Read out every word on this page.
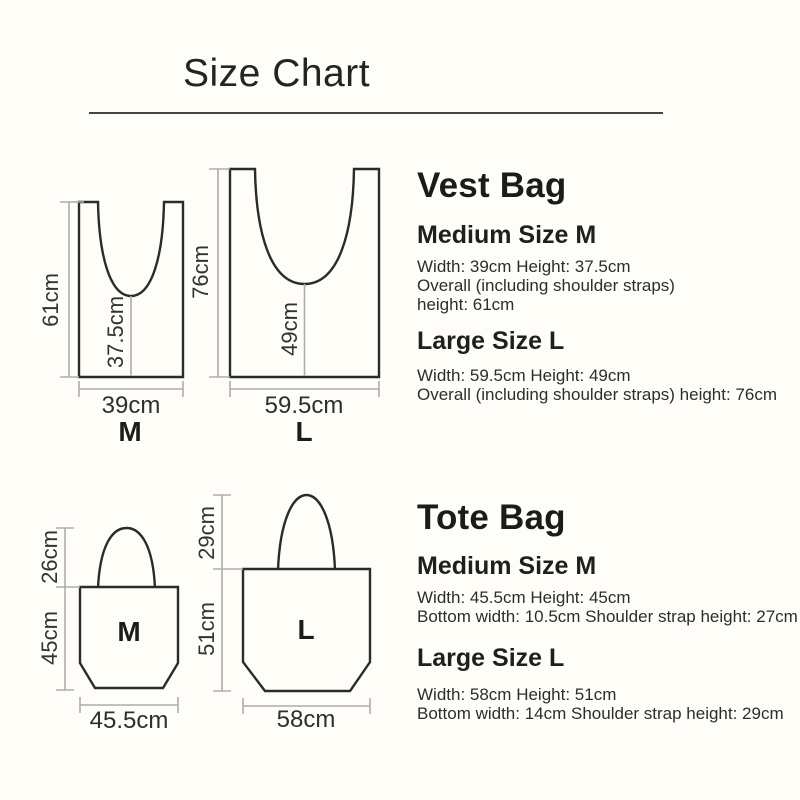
Size Chart
61cm 37.5cm
39cm
M
76cm
49cm
59.5cm
L
26cm
45cm
45.5cm
M
29cm
51cm
58cm
L
Vest Bag
Medium Size M
Width: 39cm Height: 37.5cm
Overall (including shoulder straps)
height: 61cm
Large Size L
Width: 59.5cm Height: 49cm
Overall (including shoulder straps) height: 76cm
Tote Bag
Medium Size M
Width: 45.5cm Height: 45cm
Bottom width: 10.5cm Shoulder strap height: 27cm
Large Size L
Width: 58cm Height: 51cm
Bottom width: 14cm Shoulder strap height: 29cm
